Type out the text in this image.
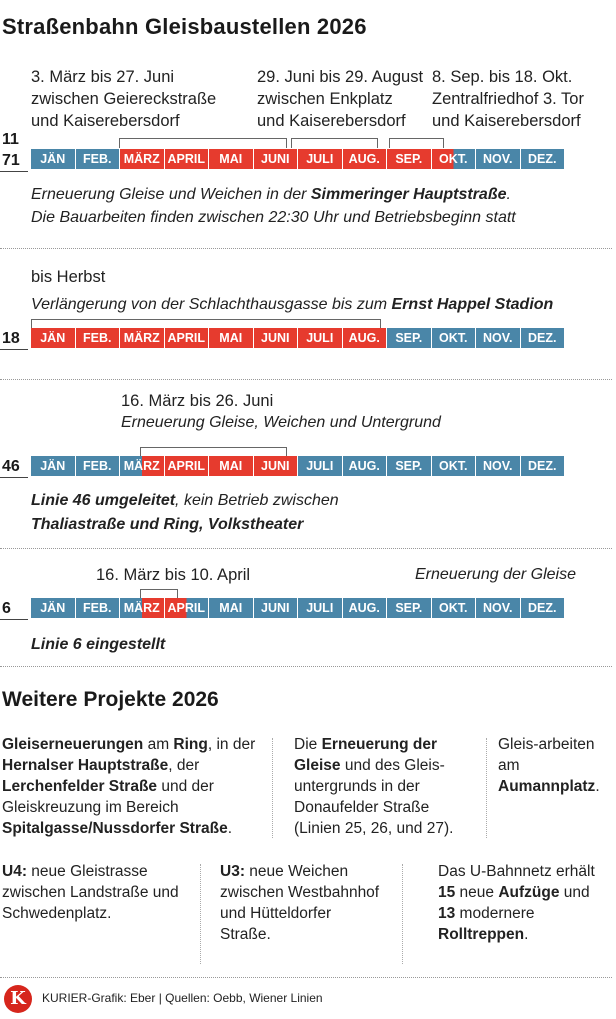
Straßenbahn Gleisbaustellen 2026
3. März bis 27. Juni
zwischen Geiereckstraße
und Kaiserebersdorf
29. Juni bis 29. August
zwischen Enkplatz
und Kaiserebersdorf
8. Sep. bis 18. Okt.
Zentralfriedhof 3. Tor
und Kaiserebersdorf
11
71	JÄN	FEB. MÄRZ APRIL	MAI	JUNI	JULI	AUG.	SEP.	OKT.	NOV.	DEZ.
Erneuerung Gleise und Weichen in der Simmeringer Hauptstraße.
Die Bauarbeiten finden zwischen 22:30 Uhr und Betriebsbeginn statt
bis Herbst
Verlängerung von der Schlachthausgasse bis zum Ernst Happel Stadion
18	JÄN	FEB. MÄRZ APRIL	MAI	JUNI	JULI	AUG.	SEP.	OKT.	NOV.	DEZ.
16. März bis 26. Juni
Erneuerung Gleise, Weichen und Untergrund
46	JÄN	FEB. MÄRZ APRIL	MAI	JUNI	JULI	AUG.	SEP.	OKT.	NOV.	DEZ.
Linie 46 umgeleitet, kein Betrieb zwischen
Thaliastraße und Ring, Volkstheater
16. März bis 10. April	Erneuerung der Gleise
6	JÄN	FEB. MÄRZ APRIL	MAI	JUNI	JULI	AUG.	SEP.	OKT.	NOV.	DEZ.
Linie 6 eingestellt
Weitere Projekte 2026
Gleiserneuerungen am Ring, in der Hernalser Hauptstraße, der Lerchenfelder Straße und der Gleiskreuzung im Bereich Spitalgasse/Nussdorfer Straße.
Die Erneuerung der Gleise und des Gleis-untergrunds in der Donaufelder Straße (Linien 25, 26, und 27).
Gleis-arbeiten am Aumannplatz.
U4: neue Gleistrasse zwischen Landstraße und Schwedenplatz.
U3: neue Weichen zwischen Westbahnhof und Hütteldorfer Straße.
Das U-Bahnnetz erhält 15 neue Aufzüge und 13 modernere Rolltreppen.
K	KURIER-Grafik: Eber | Quellen: Oebb, Wiener Linien
